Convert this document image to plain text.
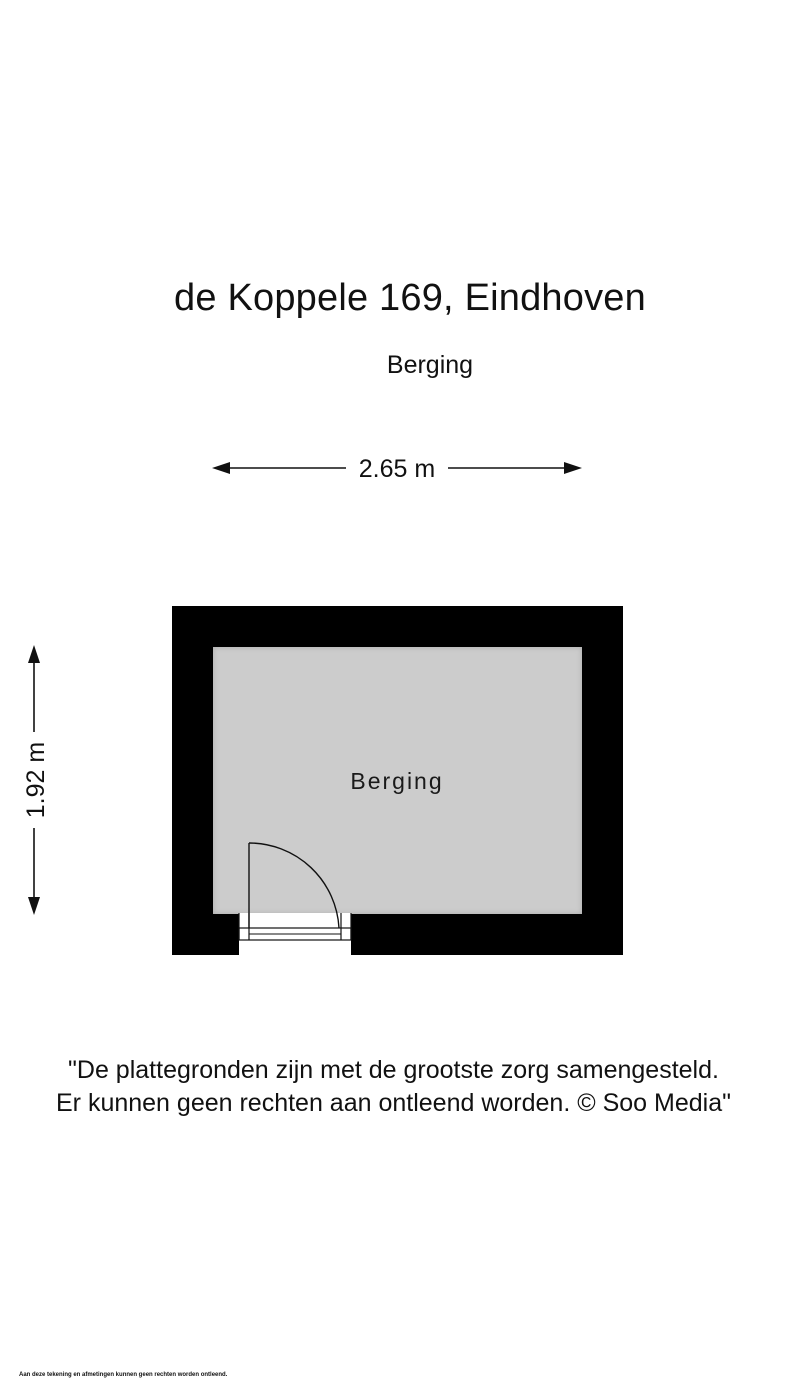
de Koppele 169, Eindhoven
Berging
2.65 m
1.92 m	Berging
"De plattegronden zijn met de grootste zorg samengesteld.
Er kunnen geen rechten aan ontleend worden. © Soo Media"
Aan deze tekening en afmetingen kunnen geen rechten worden ontleend.
